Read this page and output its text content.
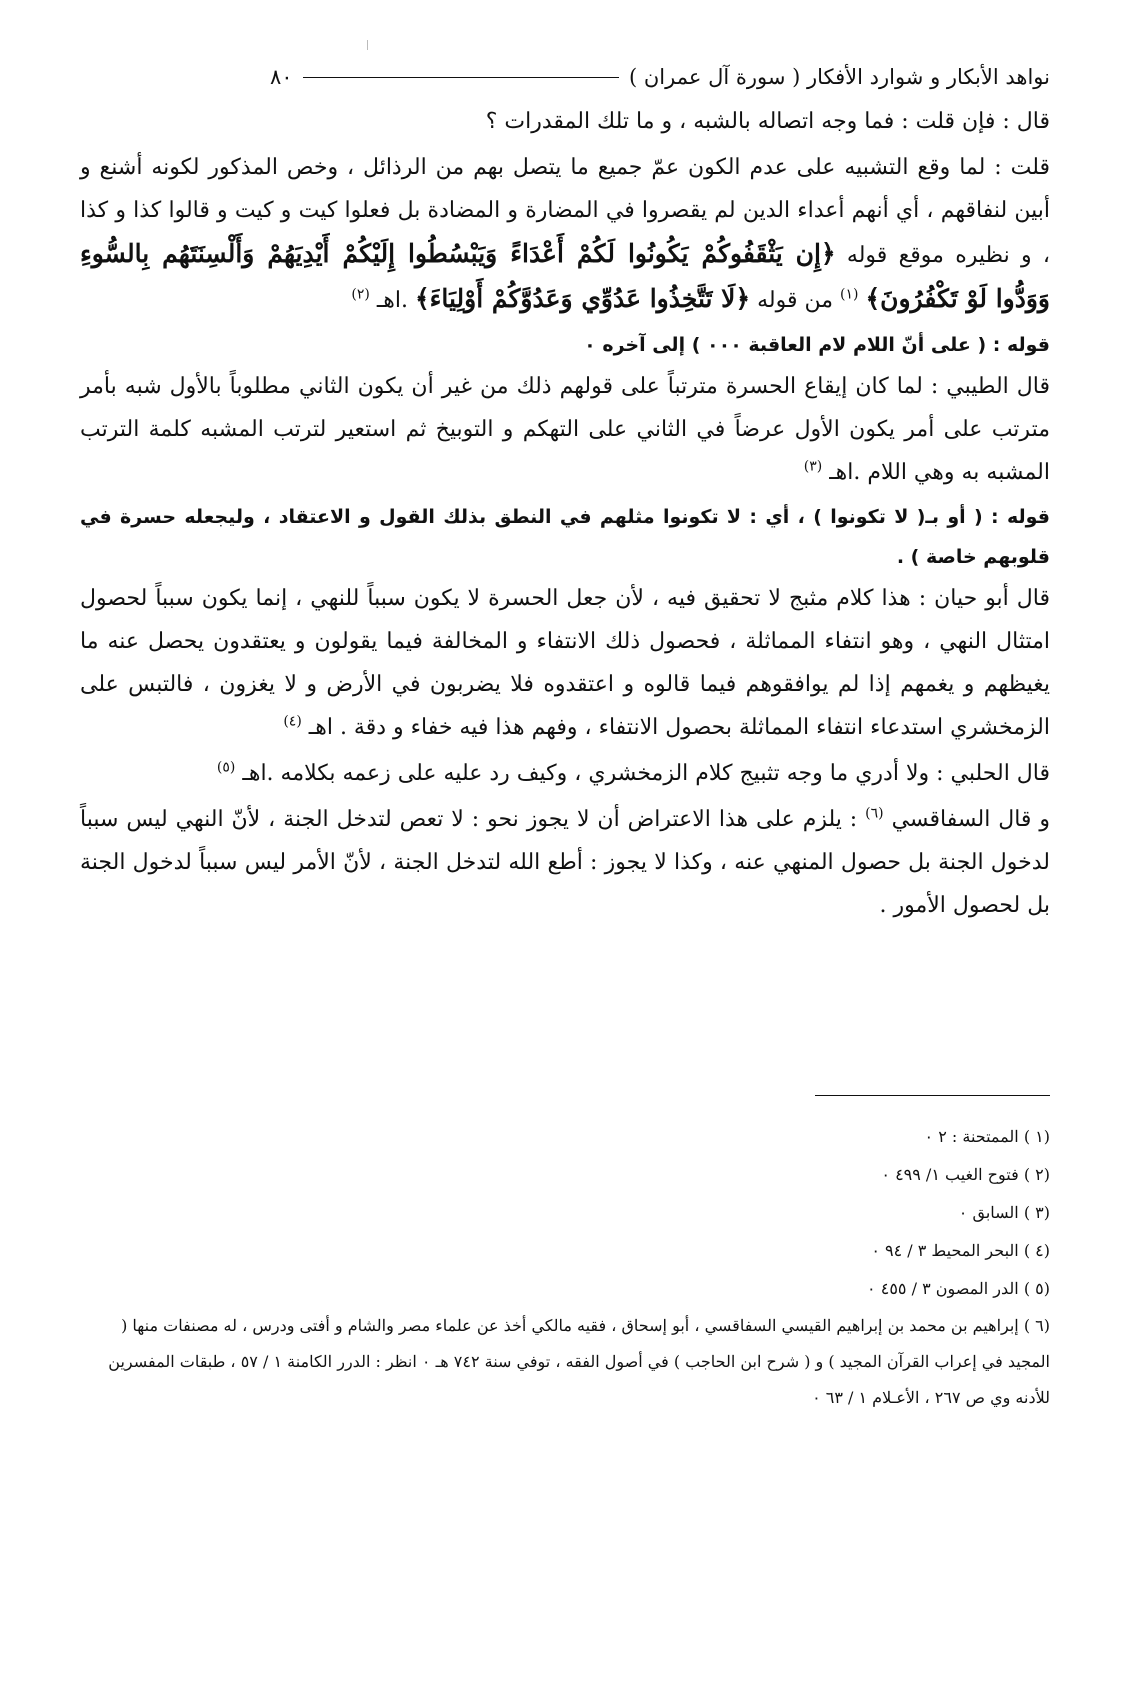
نواهد الأبكار و شوارد الأفكار ( سورة آل عمران )
٨٠

قال : فإن قلت : فما وجه اتصاله بالشبه ، و ما تلك المقدرات ؟

قلت : لما وقع التشبيه على عدم الكون عمّ جميع ما يتصل بهم من الرذائل ، وخص المذكور لكونه أشنع و أبين لنفاقهم ، أي أنهم أعداء الدين لم يقصروا في المضارة و المضادة بل فعلوا كيت و كيت و قالوا كذا و كذا ، و نظيره موقع قوله ﴿إِن يَثْقَفُوكُمْ يَكُونُوا لَكُمْ أَعْدَاءً وَيَبْسُطُوا إِلَيْكُمْ أَيْدِيَهُمْ وَأَلْسِنَتَهُم بِالسُّوءِ وَوَدُّوا لَوْ تَكْفُرُونَ﴾ $^{(١)}$ من قوله ﴿لَا تَتَّخِذُوا عَدُوِّي وَعَدُوَّكُمْ أَوْلِيَاءَ﴾ .اهـ $^{(٢)}$

قوله : ( على أنّ اللام لام العاقبة ٠٠٠ ) إلى آخره ٠

قال الطيبي : لما كان إيقاع الحسرة مترتباً على قولهم ذلك من غير أن يكون الثاني مطلوباً بالأول شبه بأمر مترتب على أمر يكون الأول عرضاً في الثاني على التهكم و التوبيخ ثم استعير لترتب المشبه كلمة الترتب المشبه به وهي اللام .اهـ $^{(٣)}$

قوله : ( أو بـ( لا تكونوا ) ، أي : لا تكونوا مثلهم في النطق بذلك القول و الاعتقاد ، وليجعله حسرة في قلوبهم خاصة ) .

قال أبو حيان : هذا كلام مثبج لا تحقيق فيه ، لأن جعل الحسرة لا يكون سبباً للنهي ، إنما يكون سبباً لحصول امتثال النهي ، وهو انتفاء المماثلة ، فحصول ذلك الانتفاء و المخالفة فيما يقولون و يعتقدون يحصل عنه ما يغيظهم و يغمهم إذا لم يوافقوهم فيما قالوه و اعتقدوه فلا يضربون في الأرض و لا يغزون ، فالتبس على الزمخشري استدعاء انتفاء المماثلة بحصول الانتفاء ، وفهم هذا فيه خفاء و دقة . اهـ $^{(٤)}$

قال الحلبي : ولا أدري ما وجه تثبيج كلام الزمخشري ، وكيف رد عليه على زعمه بكلامه .اهـ $^{(٥)}$

و قال السفاقسي $^{(٦)}$ : يلزم على هذا الاعتراض أن لا يجوز نحو : لا تعص لتدخل الجنة ، لأنّ النهي ليس سبباً لدخول الجنة بل حصول المنهي عنه ، وكذا لا يجوز : أطع الله لتدخل الجنة ، لأنّ الأمر ليس سبباً لدخول الجنة بل لحصول الأمور .

(١ ) الممتحنة : ٢ ٠

(٢ ) فتوح الغيب ١/ ٤٩٩ ٠

(٣ ) السابق ٠

(٤ ) البحر المحيط ٣ / ٩٤ ٠

(٥ ) الدر المصون ٣ / ٤٥٥ ٠

(٦ ) إبراهيم بن محمد بن إبراهيم القيسي السفاقسي ، أبو إسحاق ، فقيه مالكي أخذ عن علماء مصر والشام و أفتى ودرس ، له مصنفات منها ( المجيد في إعراب القرآن المجيد ) و ( شرح ابن الحاجب ) في أصول الفقه ، توفي سنة ٧٤٢ هـ ٠ انظر : الدرر الكامنة ١ / ٥٧ ، طبقات المفسرين للأدنه وي ص ٢٦٧ ، الأعـلام ١ / ٦٣ ٠
